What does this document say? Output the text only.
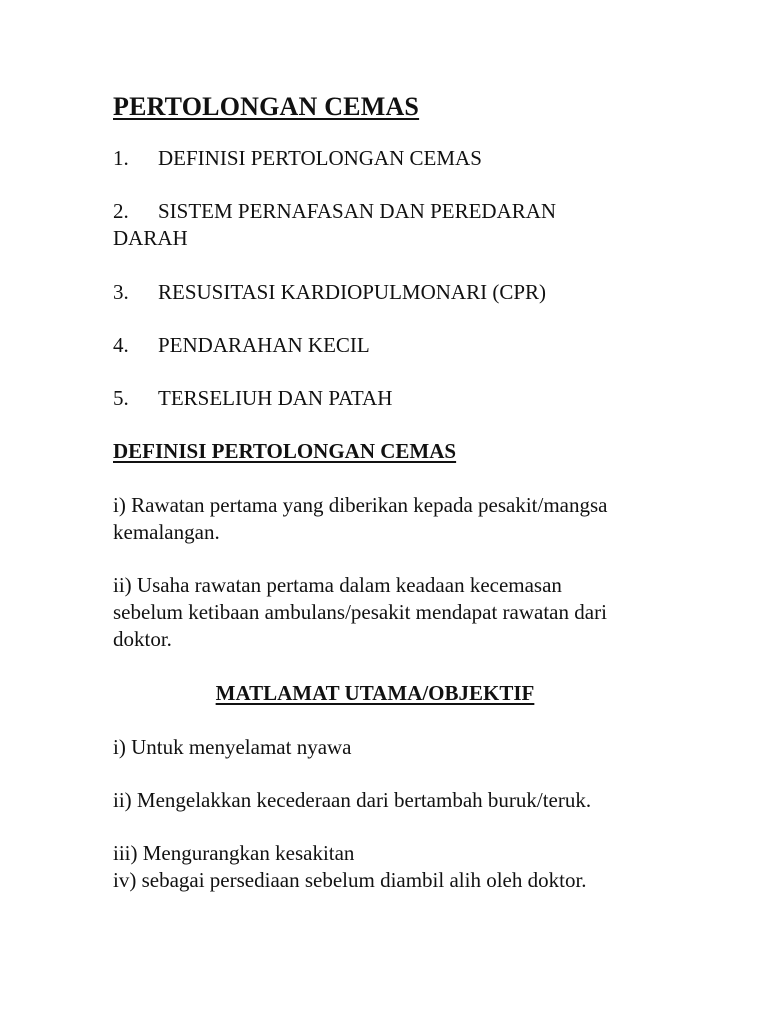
PERTOLONGAN CEMAS
1. DEFINISI PERTOLONGAN CEMAS
2. SISTEM PERNAFASAN DAN PEREDARAN
DARAH
3. RESUSITASI KARDIOPULMONARI (CPR)
4. PENDARAHAN KECIL
5. TERSELIUH DAN PATAH
DEFINISI PERTOLONGAN CEMAS
i) Rawatan pertama yang diberikan kepada pesakit/mangsa
kemalangan.
ii) Usaha rawatan pertama dalam keadaan kecemasan
sebelum ketibaan ambulans/pesakit mendapat rawatan dari
doktor.
MATLAMAT UTAMA/OBJEKTIF
i) Untuk menyelamat nyawa
ii) Mengelakkan kecederaan dari bertambah buruk/teruk.
iii) Mengurangkan kesakitan
iv) sebagai persediaan sebelum diambil alih oleh doktor.
